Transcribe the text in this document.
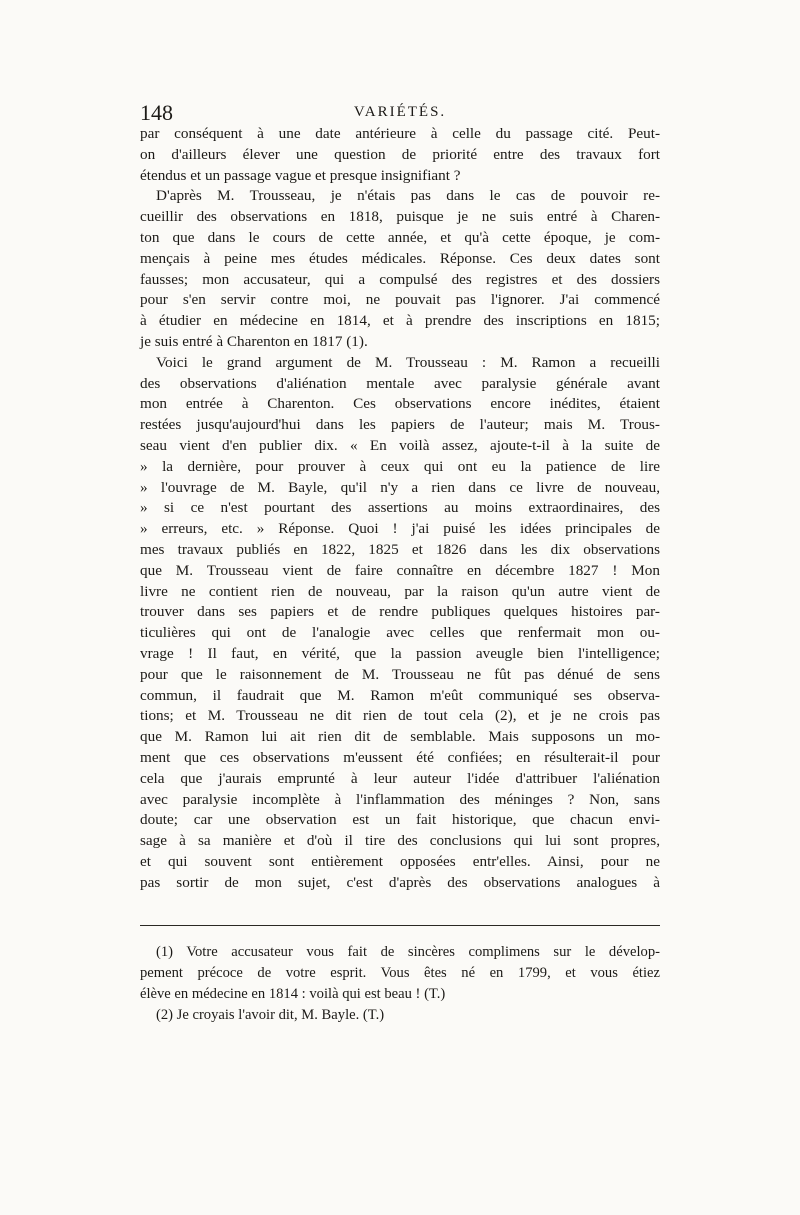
148	VARIÉTÉS.
par conséquent à une date antérieure à celle du passage cité. Peut-
on d'ailleurs élever une question de priorité entre des travaux fort
étendus et un passage vague et presque insignifiant ?
D'après M. Trousseau, je n'étais pas dans le cas de pouvoir re-
cueillir des observations en 1818, puisque je ne suis entré à Charen-
ton que dans le cours de cette année, et qu'à cette époque, je com-
mençais à peine mes études médicales. Réponse. Ces deux dates sont
fausses; mon accusateur, qui a compulsé des registres et des dossiers
pour s'en servir contre moi, ne pouvait pas l'ignorer. J'ai commencé
à étudier en médecine en 1814, et à prendre des inscriptions en 1815;
je suis entré à Charenton en 1817 (1).
Voici le grand argument de M. Trousseau : M. Ramon a recueilli
des observations d'aliénation mentale avec paralysie générale avant
mon entrée à Charenton. Ces observations encore inédites, étaient
restées jusqu'aujourd'hui dans les papiers de l'auteur; mais M. Trous-
seau vient d'en publier dix. « En voilà assez, ajoute-t-il à la suite de
» la dernière, pour prouver à ceux qui ont eu la patience de lire
» l'ouvrage de M. Bayle, qu'il n'y a rien dans ce livre de nouveau,
» si ce n'est pourtant des assertions au moins extraordinaires, des
» erreurs, etc. » Réponse. Quoi ! j'ai puisé les idées principales de
mes travaux publiés en 1822, 1825 et 1826 dans les dix observations
que M. Trousseau vient de faire connaître en décembre 1827 ! Mon
livre ne contient rien de nouveau, par la raison qu'un autre vient de
trouver dans ses papiers et de rendre publiques quelques histoires par-
ticulières qui ont de l'analogie avec celles que renfermait mon ou-
vrage ! Il faut, en vérité, que la passion aveugle bien l'intelligence;
pour que le raisonnement de M. Trousseau ne fût pas dénué de sens
commun, il faudrait que M. Ramon m'eût communiqué ses observa-
tions; et M. Trousseau ne dit rien de tout cela (2), et je ne crois pas
que M. Ramon lui ait rien dit de semblable. Mais supposons un mo-
ment que ces observations m'eussent été confiées; en résulterait-il pour
cela que j'aurais emprunté à leur auteur l'idée d'attribuer l'aliénation
avec paralysie incomplète à l'inflammation des méninges ? Non, sans
doute; car une observation est un fait historique, que chacun envi-
sage à sa manière et d'où il tire des conclusions qui lui sont propres,
et qui souvent sont entièrement opposées entr'elles. Ainsi, pour ne
pas sortir de mon sujet, c'est d'après des observations analogues à
(1) Votre accusateur vous fait de sincères complimens sur le dévelop-
pement précoce de votre esprit. Vous êtes né en 1799, et vous étiez
élève en médecine en 1814 : voilà qui est beau ! (T.)
(2) Je croyais l'avoir dit, M. Bayle. (T.)
